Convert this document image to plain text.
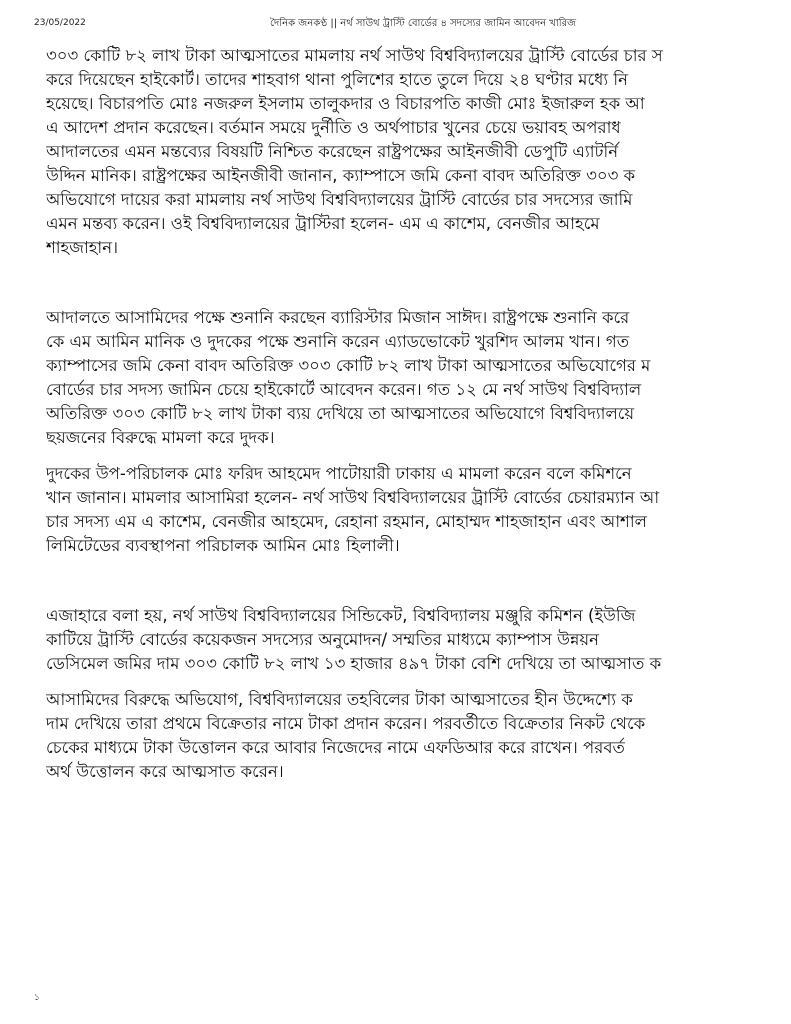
23/05/2022	দৈনিক জনকণ্ঠ || নর্থ সাউথ ট্রাস্টি বোর্ডের ৪ সদস্যের জামিন আবেদন খারিজ

৩০৩ কোটি ৮২ লাখ টাকা আত্মসাতের মামলায় নর্থ সাউথ বিশ্ববিদ্যালয়ের ট্রাস্টি বোর্ডের চার স
করে দিয়েছেন হাইকোর্ট। তাদের শাহবাগ থানা পুলিশের হাতে তুলে দিয়ে ২৪ ঘণ্টার মধ্যে নি
হয়েছে। বিচারপতি মোঃ নজরুল ইসলাম তালুকদার ও বিচারপতি কাজী মোঃ ইজারুল হক আ
এ আদেশ প্রদান করেছেন। বর্তমান সময়ে দুর্নীতি ও অর্থপাচার খুনের চেয়ে ভয়াবহ অপরাধ
আদালতের এমন মন্তব্যের বিষয়টি নিশ্চিত করেছেন রাষ্ট্রপক্ষের আইনজীবী ডেপুটি এ্যাটর্নি
উদ্দিন মানিক। রাষ্ট্রপক্ষের আইনজীবী জানান, ক্যাম্পাসে জমি কেনা বাবদ অতিরিক্ত ৩০৩ ক
অভিযোগে দায়ের করা মামলায় নর্থ সাউথ বিশ্ববিদ্যালয়ের ট্রাস্টি বোর্ডের চার সদস্যের জামি
এমন মন্তব্য করেন। ওই বিশ্ববিদ্যালয়ের ট্রাস্টিরা হলেন- এম এ কাশেম, বেনজীর আহমে
শাহজাহান।

আদালতে আসামিদের পক্ষে শুনানি করছেন ব্যারিস্টার মিজান সাঈদ। রাষ্ট্রপক্ষে শুনানি করে
কে এম আমিন মানিক ও দুদকের পক্ষে শুনানি করেন এ্যাডভোকেট খুরশিদ আলম খান। গত
ক্যাম্পাসের জমি কেনা বাবদ অতিরিক্ত ৩০৩ কোটি ৮২ লাখ টাকা আত্মসাতের অভিযোগের ম
বোর্ডের চার সদস্য জামিন চেয়ে হাইকোর্টে আবেদন করেন। গত ১২ মে নর্থ সাউথ বিশ্ববিদ্যাল
অতিরিক্ত ৩০৩ কোটি ৮২ লাখ টাকা ব্যয় দেখিয়ে তা আত্মসাতের অভিযোগে বিশ্ববিদ্যালয়ে
ছয়জনের বিরুদ্ধে মামলা করে দুদক।

দুদকের উপ-পরিচালক মোঃ ফরিদ আহমেদ পাটোয়ারী ঢাকায় এ মামলা করেন বলে কমিশনে
খান জানান। মামলার আসামিরা হলেন- নর্থ সাউথ বিশ্ববিদ্যালয়ের ট্রাস্টি বোর্ডের চেয়ারম্যান আ
চার সদস্য এম এ কাশেম, বেনজীর আহমেদ, রেহানা রহমান, মোহাম্মদ শাহজাহান এবং আশাল
লিমিটেডের ব্যবস্থাপনা পরিচালক আমিন মোঃ হিলালী।

এজাহারে বলা হয়, নর্থ সাউথ বিশ্ববিদ্যালয়ের সিন্ডিকেট, বিশ্ববিদ্যালয় মঞ্জুরি কমিশন (ইউজি
কাটিয়ে ট্রাস্টি বোর্ডের কয়েকজন সদস্যের অনুমোদন/ সম্মতির মাধ্যমে ক্যাম্পাস উন্নয়ন
ডেসিমেল জমির দাম ৩০৩ কোটি ৮২ লাখ ১৩ হাজার ৪৯৭ টাকা বেশি দেখিয়ে তা আত্মসাত ক

আসামিদের বিরুদ্ধে অভিযোগ, বিশ্ববিদ্যালয়ের তহবিলের টাকা আত্মসাতের হীন উদ্দেশ্যে ক
দাম দেখিয়ে তারা প্রথমে বিক্রেতার নামে টাকা প্রদান করেন। পরবর্তীতে বিক্রেতার নিকট থেকে
চেকের মাধ্যমে টাকা উত্তোলন করে আবার নিজেদের নামে এফডিআর করে রাখেন। পরবর্ত
অর্থ উত্তোলন করে আত্মসাত করেন।

১
